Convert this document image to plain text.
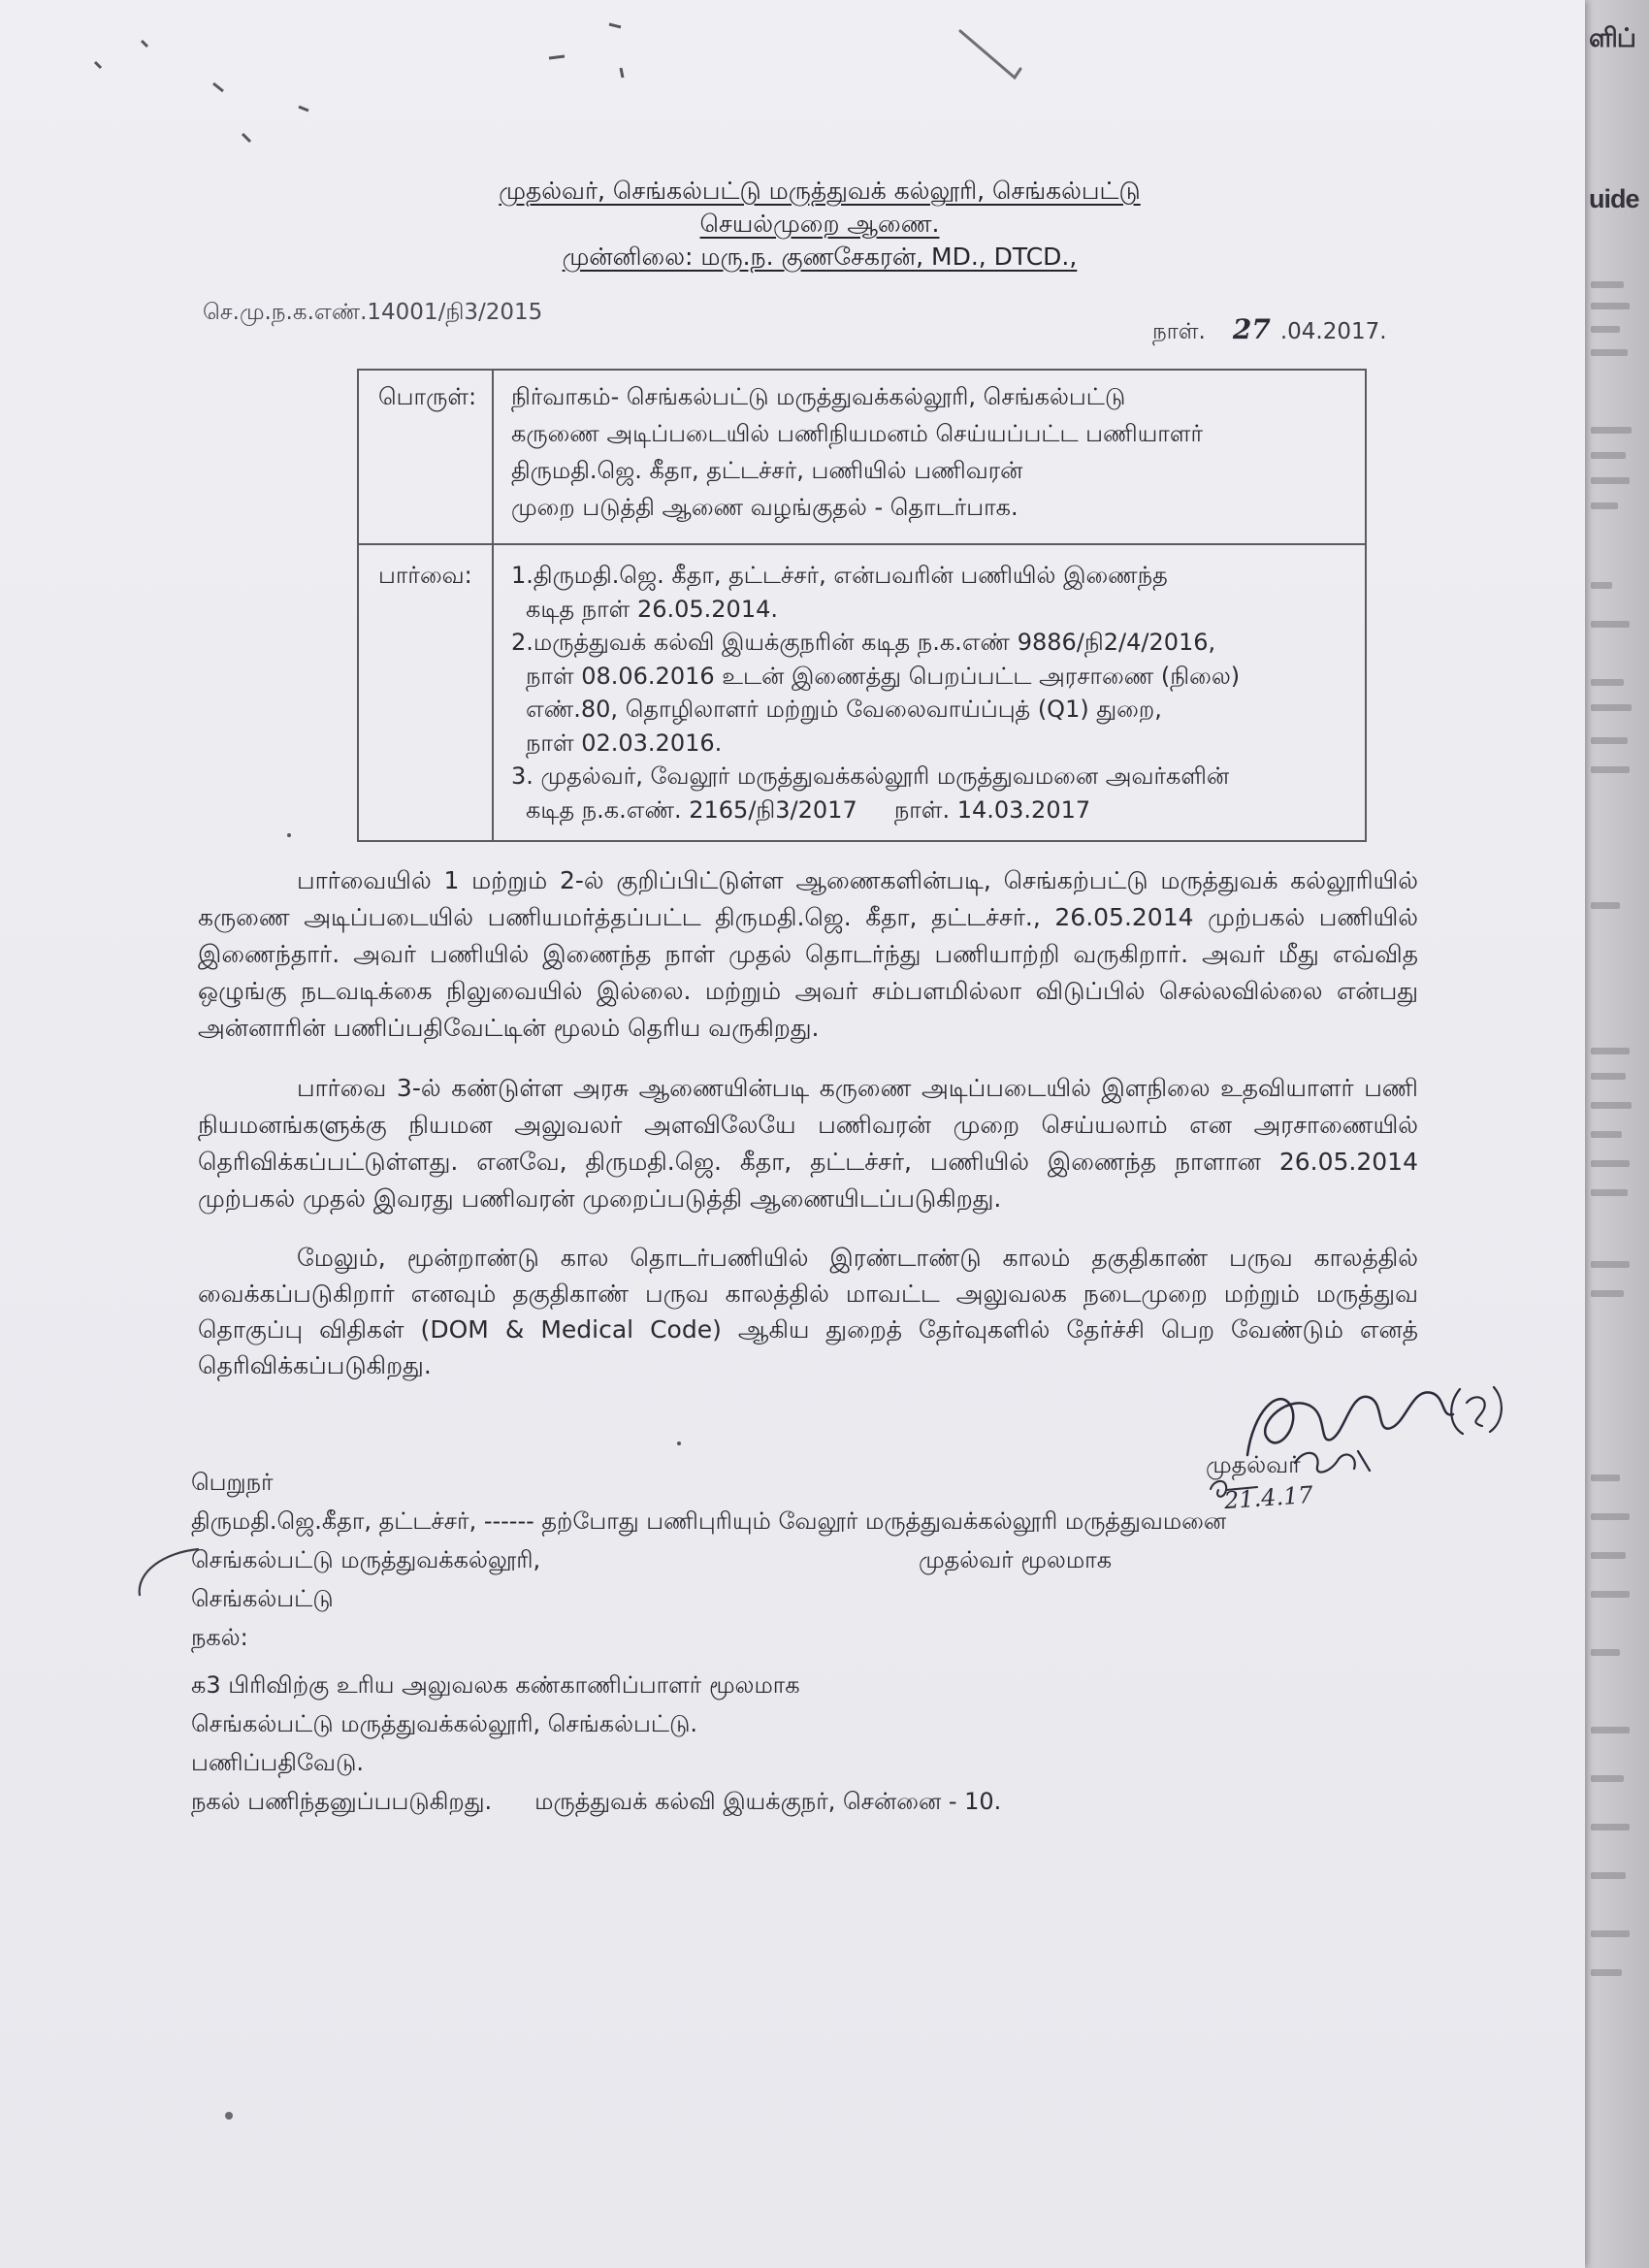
ளிப்
uide
முதல்வர், செங்கல்பட்டு மருத்துவக் கல்லூரி, செங்கல்பட்டு
செயல்முறை ஆணை.
முன்னிலை: மரு.ந. குணசேகரன், MD., DTCD.,
செ.மு.ந.க.எண்.14001/நி3/2015
நாள். 27 .04.2017.
பொருள்:	நிர்வாகம்- செங்கல்பட்டு மருத்துவக்கல்லூரி, செங்கல்பட்டு
கருணை அடிப்படையில் பணிநியமனம் செய்யப்பட்ட பணியாளர்
திருமதி.ஜெ. கீதா, தட்டச்சர், பணியில் பணிவரன்
முறை படுத்தி ஆணை வழங்குதல் - தொடர்பாக.
பார்வை:	1.திருமதி.ஜெ. கீதா, தட்டச்சர், என்பவரின் பணியில் இணைந்த
கடித நாள் 26.05.2014.
2.மருத்துவக் கல்வி இயக்குநரின் கடித ந.க.எண் 9886/நி2/4/2016,
நாள் 08.06.2016 உடன் இணைத்து பெறப்பட்ட அரசாணை (நிலை)
எண்.80, தொழிலாளர் மற்றும் வேலைவாய்ப்புத் (Q1) துறை,
நாள் 02.03.2016.
3. முதல்வர், வேலூர் மருத்துவக்கல்லூரி மருத்துவமனை அவர்களின்
கடித ந.க.எண். 2165/நி3/2017     நாள். 14.03.2017
பார்வையில் 1 மற்றும் 2-ல் குறிப்பிட்டுள்ள ஆணைகளின்படி, செங்கற்பட்டு மருத்துவக் கல்லூரியில் கருணை அடிப்படையில் பணியமர்த்தப்பட்ட திருமதி.ஜெ. கீதா, தட்டச்சர்., 26.05.2014 முற்பகல் பணியில் இணைந்தார். அவர் பணியில் இணைந்த நாள் முதல் தொடர்ந்து பணியாற்றி வருகிறார். அவர் மீது எவ்வித ஒழுங்கு நடவடிக்கை நிலுவையில் இல்லை. மற்றும் அவர் சம்பளமில்லா விடுப்பில் செல்லவில்லை என்பது அன்னாரின் பணிப்பதிவேட்டின் மூலம் தெரிய வருகிறது.
பார்வை 3-ல் கண்டுள்ள அரசு ஆணையின்படி கருணை அடிப்படையில் இளநிலை உதவியாளர் பணி நியமனங்களுக்கு நியமன அலுவலர் அளவிலேயே பணிவரன் முறை செய்யலாம் என அரசாணையில் தெரிவிக்கப்பட்டுள்ளது. எனவே, திருமதி.ஜெ. கீதா, தட்டச்சர், பணியில் இணைந்த நாளான 26.05.2014 முற்பகல் முதல் இவரது பணிவரன் முறைப்படுத்தி ஆணையிடப்படுகிறது.
மேலும், மூன்றாண்டு கால தொடர்பணியில் இரண்டாண்டு காலம் தகுதிகாண் பருவ காலத்தில் வைக்கப்படுகிறார் எனவும் தகுதிகாண் பருவ காலத்தில் மாவட்ட அலுவலக நடைமுறை மற்றும் மருத்துவ தொகுப்பு விதிகள் (DOM & Medical Code) ஆகிய துறைத் தேர்வுகளில் தேர்ச்சி பெற வேண்டும் எனத் தெரிவிக்கப்படுகிறது.
பெறுநர்
திருமதி.ஜெ.கீதா, தட்டச்சர், ------ தற்போது பணிபுரியும் வேலூர் மருத்துவக்கல்லூரி மருத்துவமனை
செங்கல்பட்டு மருத்துவக்கல்லூரி,	முதல்வர் மூலமாக
செங்கல்பட்டு
நகல்:
க3 பிரிவிற்கு உரிய அலுவலக கண்காணிப்பாளர் மூலமாக
செங்கல்பட்டு மருத்துவக்கல்லூரி, செங்கல்பட்டு.
பணிப்பதிவேடு.
நகல் பணிந்தனுப்பபடுகிறது. மருத்துவக் கல்வி இயக்குநர், சென்னை - 10.
முதல்வர்
21.4.17
